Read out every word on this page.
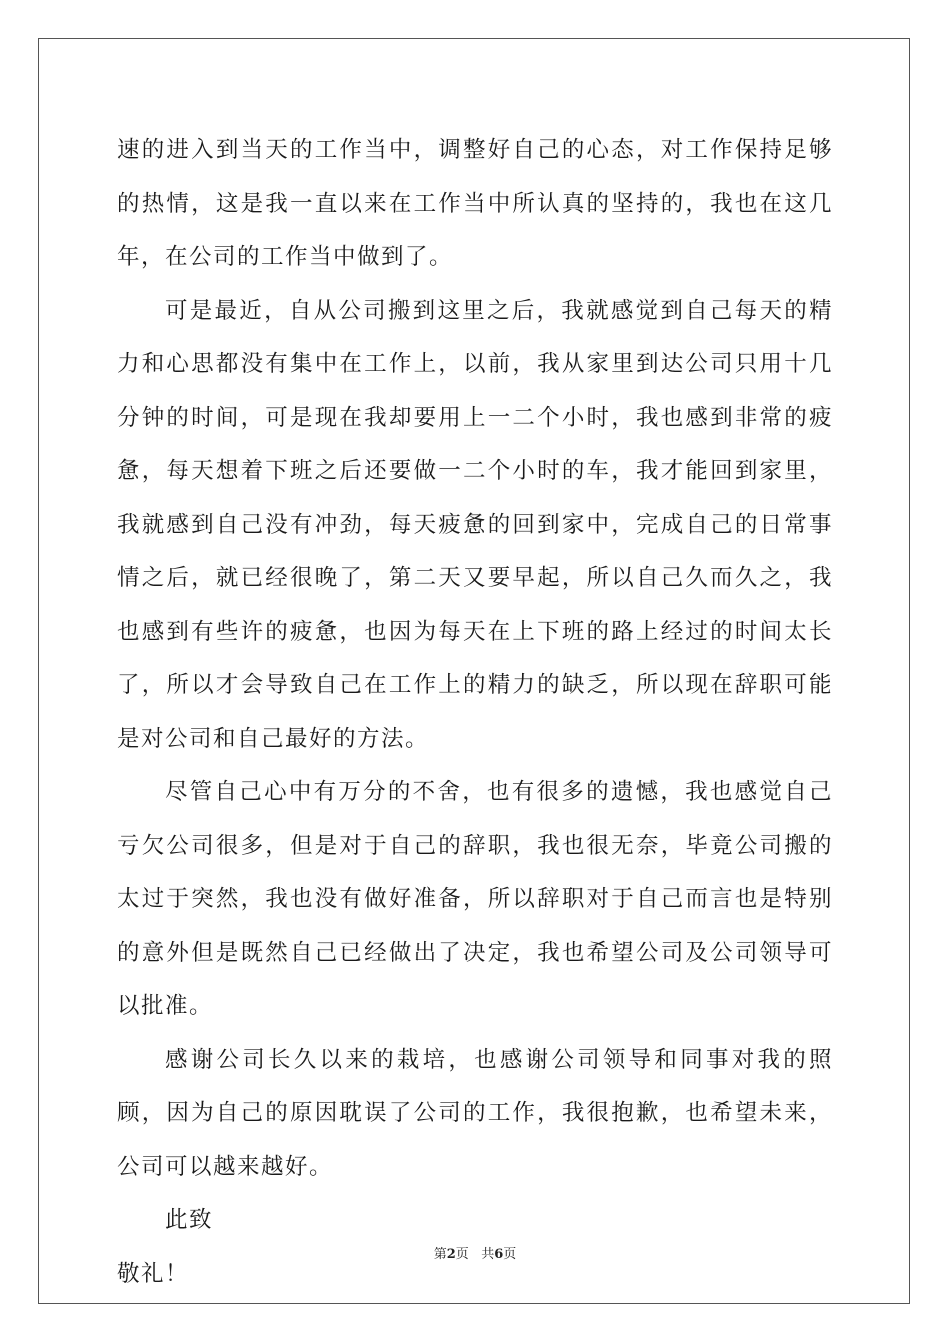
速的进入到当天的工作当中，调整好自己的心态，对工作保持足够的热情，这是我一直以来在工作当中所认真的坚持的，我也在这几年，在公司的工作当中做到了。

可是最近，自从公司搬到这里之后，我就感觉到自己每天的精力和心思都没有集中在工作上，以前，我从家里到达公司只用十几分钟的时间，可是现在我却要用上一二个小时，我也感到非常的疲惫，每天想着下班之后还要做一二个小时的车，我才能回到家里，我就感到自己没有冲劲，每天疲惫的回到家中，完成自己的日常事情之后，就已经很晚了，第二天又要早起，所以自己久而久之，我也感到有些许的疲惫，也因为每天在上下班的路上经过的时间太长了，所以才会导致自己在工作上的精力的缺乏，所以现在辞职可能是对公司和自己最好的方法。

尽管自己心中有万分的不舍，也有很多的遗憾，我也感觉自己亏欠公司很多，但是对于自己的辞职，我也很无奈，毕竟公司搬的太过于突然，我也没有做好准备，所以辞职对于自己而言也是特别的意外但是既然自己已经做出了决定，我也希望公司及公司领导可以批准。

感谢公司长久以来的栽培，也感谢公司领导和同事对我的照顾，因为自己的原因耽误了公司的工作，我很抱歉，也希望未来，公司可以越来越好。

此致

敬礼！

第2页 共6页
